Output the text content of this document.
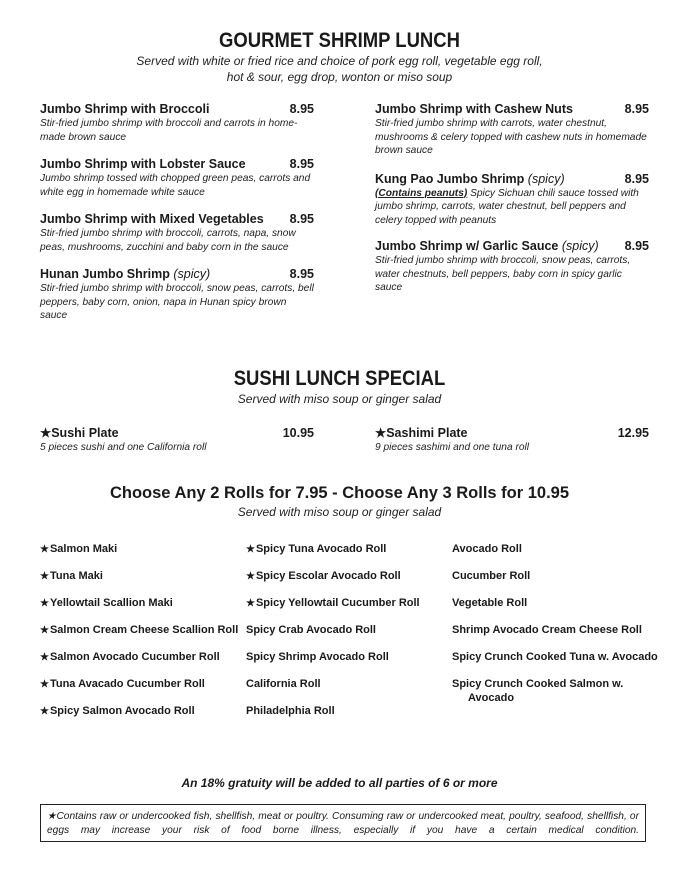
GOURMET SHRIMP LUNCH
Served with white or fried rice and choice of pork egg roll, vegetable egg roll,
hot & sour, egg drop, wonton or miso soup
Jumbo Shrimp with Broccoli	8.95
Stir-fried jumbo shrimp with broccoli and carrots in home-made brown sauce
Jumbo Shrimp with Lobster Sauce	8.95
Jumbo shrimp tossed with chopped green peas, carrots and white egg in homemade white sauce
Jumbo Shrimp with Mixed Vegetables 8.95
Stir-fried jumbo shrimp with broccoli, carrots, napa, snow peas, mushrooms, zucchini and baby corn in the sauce
Hunan Jumbo Shrimp (spicy)	8.95
Stir-fried jumbo shrimp with broccoli, snow peas, carrots, bell peppers, baby corn, onion, napa in Hunan spicy brown sauce
Jumbo Shrimp with Cashew Nuts	8.95
Stir-fried jumbo shrimp with carrots, water chestnut, mushrooms & celery topped with cashew nuts in homemade brown sauce
Kung Pao Jumbo Shrimp (spicy)	8.95
(Contains peanuts) Spicy Sichuan chili sauce tossed with jumbo shrimp, carrots, water chestnut, bell peppers and celery topped with peanuts
Jumbo Shrimp w/ Garlic Sauce (spicy) 8.95
Stir-fried jumbo shrimp with broccoli, snow peas, carrots, water chestnuts, bell peppers, baby corn in spicy garlic sauce
SUSHI LUNCH SPECIAL
Served with miso soup or ginger salad
★Sushi Plate	10.95
5 pieces sushi and one California roll
★Sashimi Plate	12.95
9 pieces sashimi and one tuna roll
Choose Any 2 Rolls for 7.95 - Choose Any 3 Rolls for 10.95
Served with miso soup or ginger salad
★Salmon Maki
★Tuna Maki
★Yellowtail Scallion Maki
★Salmon Cream Cheese Scallion Roll
★Salmon Avocado Cucumber Roll
★Tuna Avacado Cucumber Roll
★Spicy Salmon Avocado Roll
★Spicy Tuna Avocado Roll
★Spicy Escolar Avocado Roll
★Spicy Yellowtail Cucumber Roll
Spicy Crab Avocado Roll
Spicy Shrimp Avocado Roll
California Roll
Philadelphia Roll
Avocado Roll
Cucumber Roll
Vegetable Roll
Shrimp Avocado Cream Cheese Roll
Spicy Crunch Cooked Tuna w. Avocado
Spicy Crunch Cooked Salmon w.
Avocado
An 18% gratuity will be added to all parties of 6 or more
★Contains raw or undercooked fish, shellfish, meat or poultry. Consuming raw or undercooked meat, poultry, seafood, shellfish, or eggs may increase your risk of food borne illness, especially if you have a certain medical condition.
